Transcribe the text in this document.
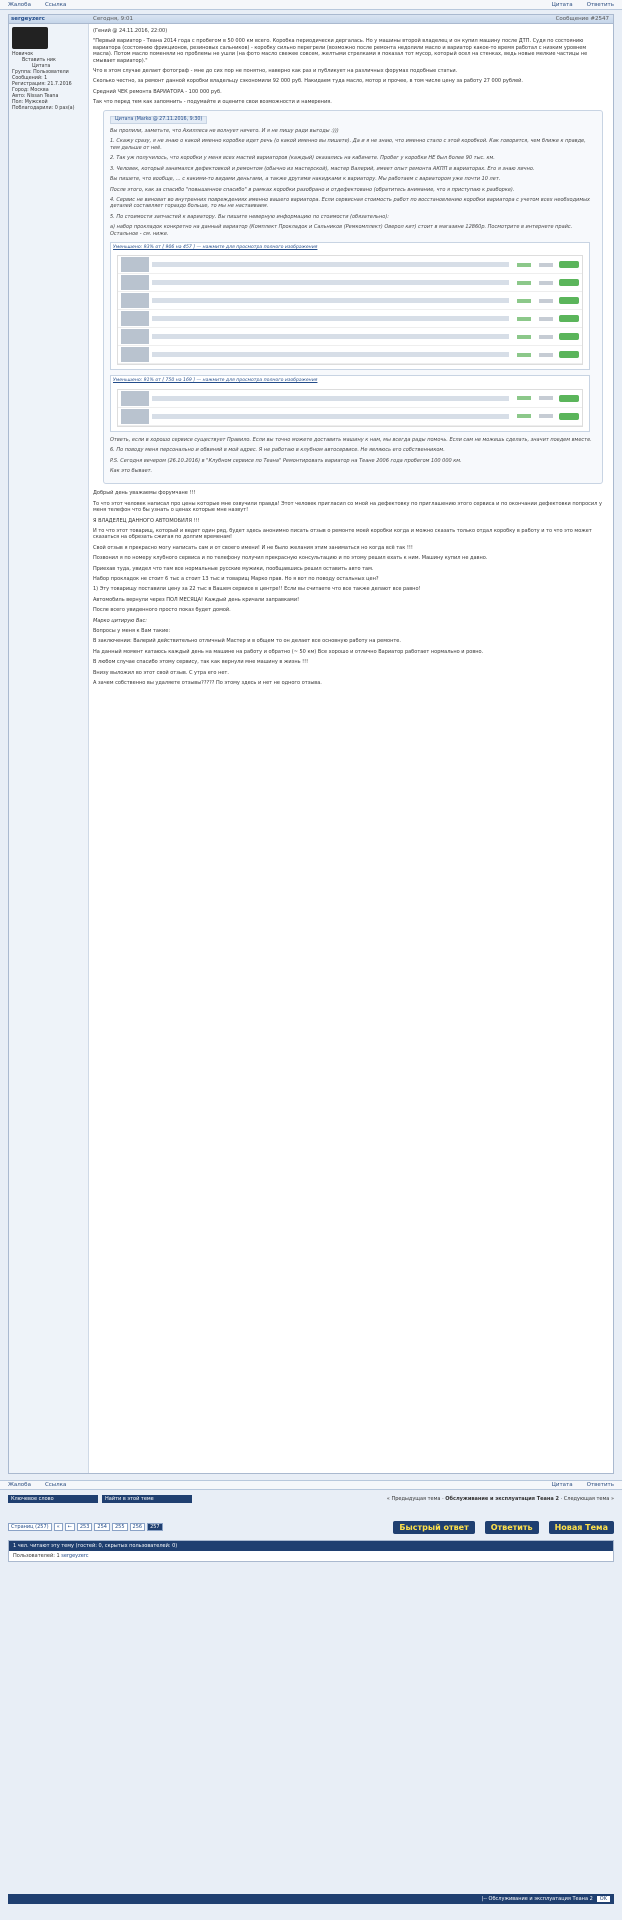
Жалоба	Ссылка	Цитата	Ответить
sergeyzerc	Сегодня, 9:01	Сообщение #2547
Новичок
Вставить ник
Цитата
Группа: Пользователи
Сообщений: 1
Регистрация: 21.7.2016
Город: Москва
Авто: Nissan Teana
Пол: Мужской
Поблагодарили: 0 раз(а)

(Гений @ 24.11.2016, 22:00)

"Первый вариатор - Теана 2014 года с пробегом в 50 000 км всего. Коробка периодически дергалась. Но у машины второй владелец и он купил машину после ДТП. Судя по состоянию вариатора (состоянию фрикционов, резиновых сальников) - коробку сильно перегрели (возможно после ремонта недолили масло и вариатор какое-то время работал с низким уровнем масла). Потом масло поменяли но проблемы не ушли (на фото масло свежее совсем, желтыми стрелками я показал тот мусор, который осел на стенках, ведь новые мелкие частицы не смывает вариатор)."

Что в этом случае делает фотограф - мне до сих пор не понятно, наверно как раз и публикует на различных форумах подобные статьи.

Сколько честно, за ремонт данной коробки владельцу сэкономили 92 000 руб. Накидаем туда масло, мотор и прочее, в том числе цену за работу 27 000 рублей.

Средний ЧЕК ремонта ВАРИАТОРА - 100 000 руб.

Так что перед тем как запомнить - подумайте и оцените свои возможности и намерения.

Цитата (Marko @ 27.11.2016, 9:30)

Вы пропили, заметьте, что Ахиллеса не волнует ничего. И я не пишу ради выгоды :)))

1. Скажу сразу, я не знаю о какой именно коробке идет речь (о какой именно вы пишете). Да и я не знаю, что именно стало с этой коробкой. Как говорится, чем ближе к правде, тем дальше от неё.

2. Так уж получилось, что коробки у меня всех мастей вариаторов (каждый) оказались на кабинете. Пробег у коробки НЕ был более 90 тыс. км.

3. Человек, который занимался дефектовкой и ремонтом (обычно из мастерской), мастер Валерий, имеет опыт ремонта АКПП в вариаторах. Его я знаю лично.

Вы пишете, что вообще, ... с какими-то видами деньгами, а также другими накидками к вариатору. Мы работаем с вариатором уже почти 10 лет.

После этого, как за спасибо "повышенное спасибо" в рамках коробки разобрано и отдефектовано (обратитесь внимание, что я приступаю к разборке).

4. Сервис не виноват во внутренних повреждениях именно вашего вариатора. Если сервисная стоимость работ по восстановлению коробки вариатора с учетом всех необходимых деталей составляет гораздо больше, то мы не настаиваем.

5. По стоимости запчастей к вариатору. Вы пишите неверную информацию по стоимости (обязательно):

а) набор прокладок конкретно на данный вариатор (Комплект Прокладок и Сальников (Ремкомплект) Оверол кит) стоит в магазине 12860р. Посмотрите в интернете прайс. Остальное - см. ниже.

Уменьшено: 93% от [ 906 на 457 ] — нажмите для просмотра полного изображения
Уменьшено: 91% от [ 750 на 169 ] — нажмите для просмотра полного изображения

Ответь, если в хорошо сервисе существует Правило. Если вы точно можете доставить машину к нам, мы всегда рады помочь. Если сам не можешь сделать, значит поедем вместе.

6. По поводу меня персонально и обвиняй в мой адрес. Я не работаю в клубном автосервисе. Не являюсь его собственником.

P.S. Сегодня вечером (26.10.2016) в "Клубном сервисе по Теана" Ремонтировать вариатор на Теане 2006 года пробегом 100 000 км.

Как это бывает.

Добрый день уважаемы форумчане !!!

То что этот человек написал про цены которые мне озвучили правда! Этот человек пригласил со мной на дефектовку по приглашению этого сервиса и по окончании дефектовки попросил у меня телефон что бы узнать о ценах которые мне назвут!

Я ВЛАДЕЛЕЦ ДАННОГО АВТОМОБИЛЯ !!!

И то что этот товарищ, который и ведет один ряд, будет здесь анонимно писать отзыв о ремонте моей коробки когда и можно сказать только отдал коробку в работу и то что это может сказаться на обрезать сжигая по долгим временам!

Свой отзыв я прекрасно могу написать сам и от своего имени! И не было желания этим заниматься но когда всё так !!!

Позвонил я по номеру клубного сервиса и по телефону получил прекрасную консультацию и по этому решил ехать к ним. Машину купил не давно.

Приехав туда, увидел что там все нормальные русские мужики, пообщавшись решил оставить авто там.

Набор прокладок не стоит 6 тыс а стоит 13 тыс и товарищ Марко прав. Но я вот по поводу остальных цен?

1) Эту товарищу поставили цену за 22 тыс в Вашем сервисе в центре!! Если вы считаете что все также делают все равно!

Автомобиль вернули через ПОЛ МЕСЯЦА! Каждый день кричали заправками!

После всего увиденного просто показ будет домой.

Марко цитирую Вас:

Вопросы у меня к Вам такие:

В заключении: Валерий действительно отличный Мастер и в общем то он делает все основную работу на ремонте.

На данный момент катаюсь каждый день на машине на работу и обратно (~ 50 км) Все хорошо и отлично Вариатор работает нормально и ровно.

В любом случае спасибо этому сервису, так как вернули мне машину в жизнь !!!

Внизу выложил во этот свой отзыв. С утра его нет.

А зачем собственно вы удаляете отзывы????? По этому здесь и нет не одного отзыва.

Жалоба	Ссылка	Цитата	Ответить
Ключевое слово	Найти в этой теме	« Предыдущая тема · Обслуживание и эксплуатация Теана 2 · Следующая тема »
Страниц (257)	«	←	253	254	255	256	257	Быстрый ответ	Ответить	Новая Тема
1 чел. читают эту тему (гостей: 0, скрытых пользователей: 0)
Пользователей: 1 sergeyzerc
|-- Обслуживание и эксплуатация Теана 2	OK
